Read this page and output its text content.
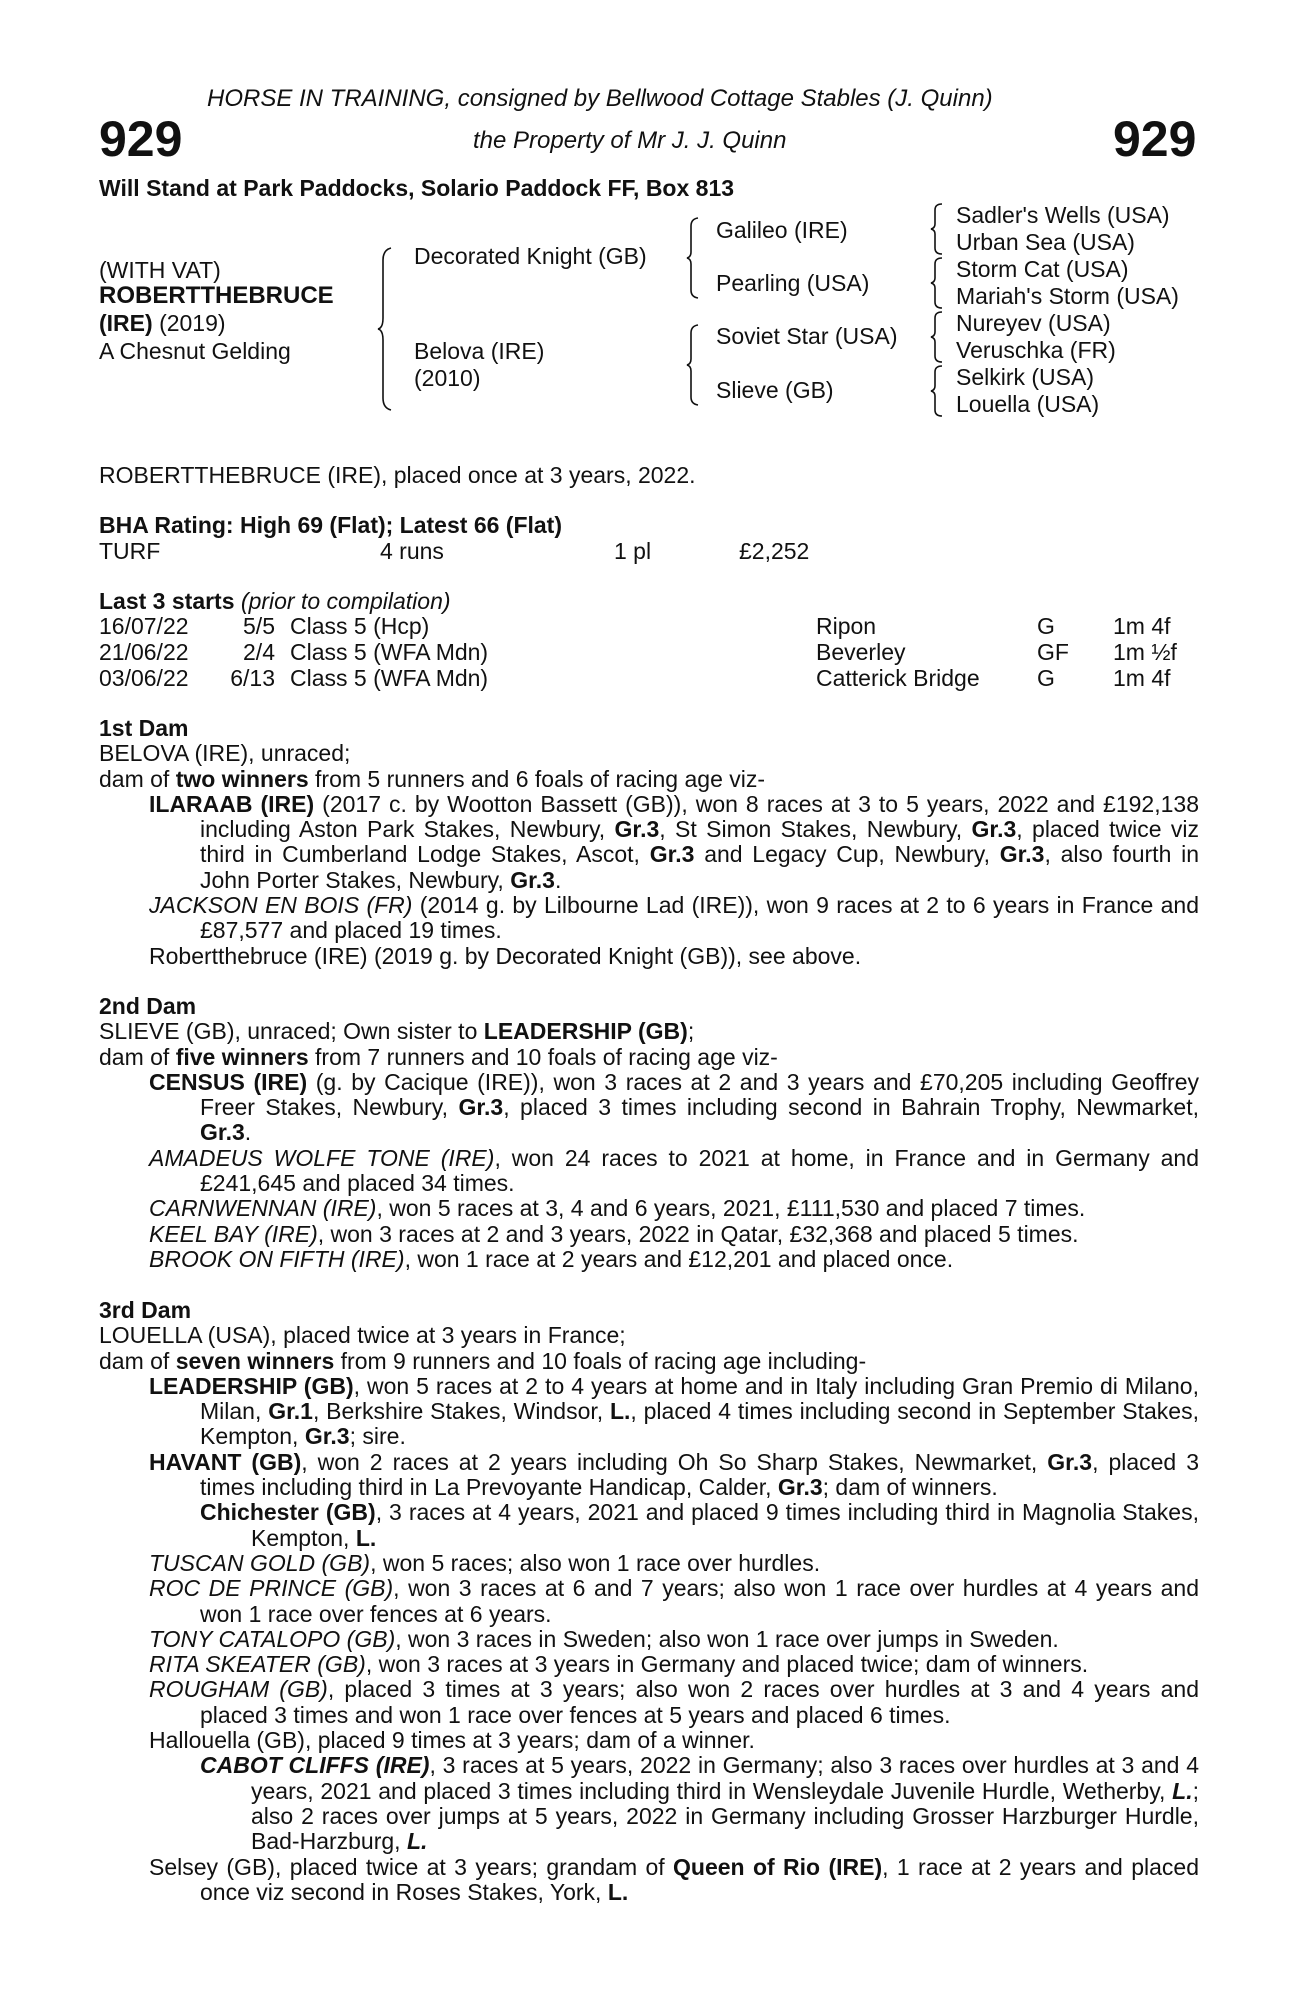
HORSE IN TRAINING, consigned by Bellwood Cottage Stables (J. Quinn)
929	the Property of Mr J. J. Quinn	929
Will Stand at Park Paddocks, Solario Paddock FF, Box 813
(WITH VAT)
ROBERTTHEBRUCE
(IRE) (2019)
A Chesnut Gelding
Decorated Knight (GB)
Belova (IRE)
(2010)
Galileo (IRE)
Pearling (USA)
Soviet Star (USA)
Slieve (GB)
Sadler's Wells (USA)
Urban Sea (USA)
Storm Cat (USA)
Mariah's Storm (USA)
Nureyev (USA)
Veruschka (FR)
Selkirk (USA)
Louella (USA)
ROBERTTHEBRUCE (IRE), placed once at 3 years, 2022.
BHA Rating: High 69 (Flat); Latest 66 (Flat)
TURF	4 runs	1 pl	£2,252
Last 3 starts (prior to compilation)
16/07/22 5/5 Class 5 (Hcp)	Ripon	G	1m 4f
21/06/22 2/4 Class 5 (WFA Mdn)	Beverley	GF 1m ½f
03/06/22 6/13 Class 5 (WFA Mdn)	Catterick Bridge G	1m 4f
1st Dam
BELOVA (IRE), unraced;
dam of two winners from 5 runners and 6 foals of racing age viz-
ILARAAB (IRE) (2017 c. by Wootton Bassett (GB)), won 8 races at 3 to 5 years, 2022 and £192,138 including Aston Park Stakes, Newbury, Gr.3, St Simon Stakes, Newbury, Gr.3, placed twice viz third in Cumberland Lodge Stakes, Ascot, Gr.3 and Legacy Cup, Newbury, Gr.3, also fourth in John Porter Stakes, Newbury, Gr.3.
JACKSON EN BOIS (FR) (2014 g. by Lilbourne Lad (IRE)), won 9 races at 2 to 6 years in France and £87,577 and placed 19 times.
Robertthebruce (IRE) (2019 g. by Decorated Knight (GB)), see above.
2nd Dam
SLIEVE (GB), unraced; Own sister to LEADERSHIP (GB);
dam of five winners from 7 runners and 10 foals of racing age viz-
CENSUS (IRE) (g. by Cacique (IRE)), won 3 races at 2 and 3 years and £70,205 including Geoffrey Freer Stakes, Newbury, Gr.3, placed 3 times including second in Bahrain Trophy, Newmarket, Gr.3.
AMADEUS WOLFE TONE (IRE), won 24 races to 2021 at home, in France and in Germany and £241,645 and placed 34 times.
CARNWENNAN (IRE), won 5 races at 3, 4 and 6 years, 2021, £111,530 and placed 7 times.
KEEL BAY (IRE), won 3 races at 2 and 3 years, 2022 in Qatar, £32,368 and placed 5 times.
BROOK ON FIFTH (IRE), won 1 race at 2 years and £12,201 and placed once.
3rd Dam
LOUELLA (USA), placed twice at 3 years in France;
dam of seven winners from 9 runners and 10 foals of racing age including-
LEADERSHIP (GB), won 5 races at 2 to 4 years at home and in Italy including Gran Premio di Milano, Milan, Gr.1, Berkshire Stakes, Windsor, L., placed 4 times including second in September Stakes, Kempton, Gr.3; sire.
HAVANT (GB), won 2 races at 2 years including Oh So Sharp Stakes, Newmarket, Gr.3, placed 3 times including third in La Prevoyante Handicap, Calder, Gr.3; dam of winners.
Chichester (GB), 3 races at 4 years, 2021 and placed 9 times including third in Magnolia Stakes, Kempton, L.
TUSCAN GOLD (GB), won 5 races; also won 1 race over hurdles.
ROC DE PRINCE (GB), won 3 races at 6 and 7 years; also won 1 race over hurdles at 4 years and won 1 race over fences at 6 years.
TONY CATALOPO (GB), won 3 races in Sweden; also won 1 race over jumps in Sweden.
RITA SKEATER (GB), won 3 races at 3 years in Germany and placed twice; dam of winners.
ROUGHAM (GB), placed 3 times at 3 years; also won 2 races over hurdles at 3 and 4 years and placed 3 times and won 1 race over fences at 5 years and placed 6 times.
Hallouella (GB), placed 9 times at 3 years; dam of a winner.
CABOT CLIFFS (IRE), 3 races at 5 years, 2022 in Germany; also 3 races over hurdles at 3 and 4 years, 2021 and placed 3 times including third in Wensleydale Juvenile Hurdle, Wetherby, L.; also 2 races over jumps at 5 years, 2022 in Germany including Grosser Harzburger Hurdle, Bad-Harzburg, L.
Selsey (GB), placed twice at 3 years; grandam of Queen of Rio (IRE), 1 race at 2 years and placed once viz second in Roses Stakes, York, L.
